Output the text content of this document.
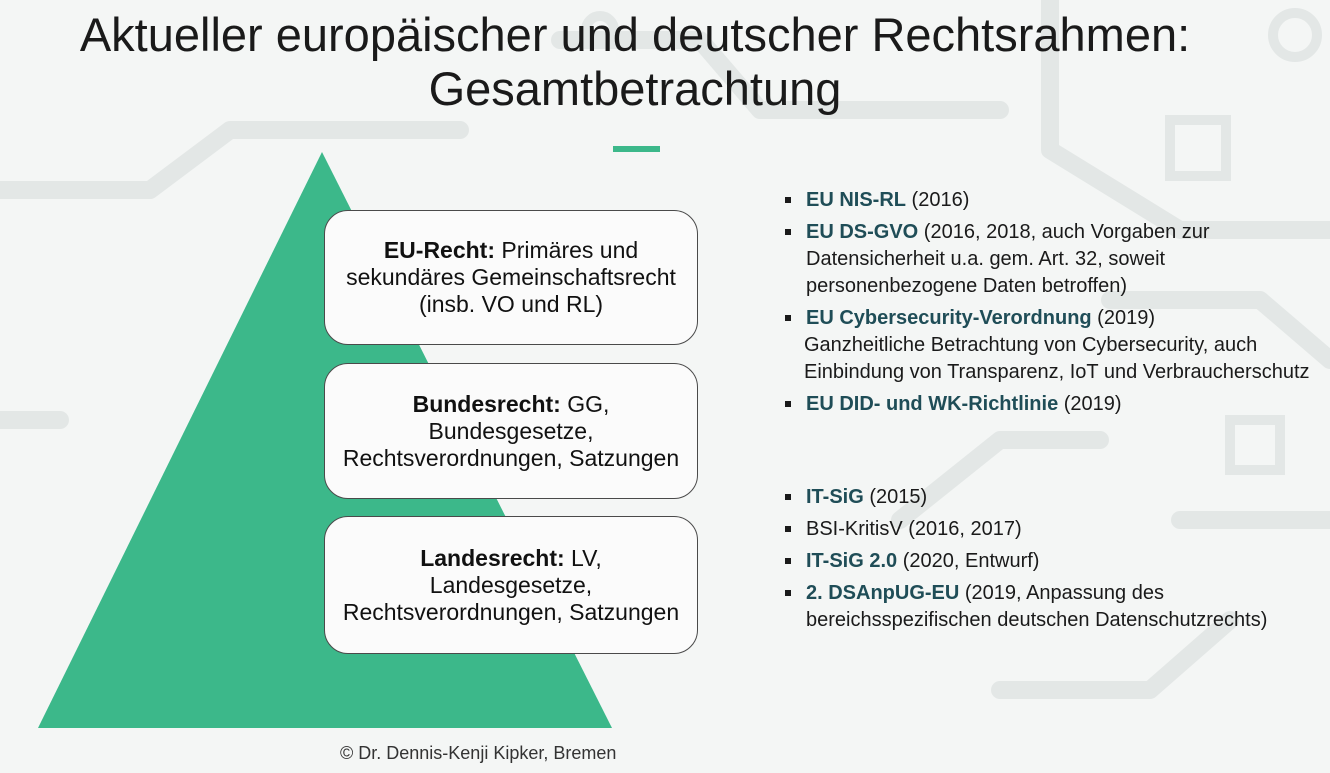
Aktueller europäischer und deutscher Rechtsrahmen:
Gesamtbetrachtung
EU-Recht: Primäres und sekundäres Gemeinschaftsrecht (insb. VO und RL)
Bundesrecht: GG, Bundesgesetze, Rechtsverordnungen, Satzungen
Landesrecht: LV, Landesgesetze, Rechtsverordnungen, Satzungen
EU NIS-RL (2016)
EU DS-GVO (2016, 2018, auch Vorgaben zur Datensicherheit u.a. gem. Art. 32, soweit personenbezogene Daten betroffen)
EU Cybersecurity-Verordnung (2019)
Ganzheitliche Betrachtung von Cybersecurity, auch Einbindung von Transparenz, IoT und Verbraucherschutz
EU DID- und WK-Richtlinie (2019)
IT-SiG (2015)
BSI-KritisV (2016, 2017)
IT-SiG 2.0 (2020, Entwurf)
2. DSAnpUG-EU (2019, Anpassung des bereichsspezifischen deutschen Datenschutzrechts)
© Dr. Dennis-Kenji Kipker, Bremen
